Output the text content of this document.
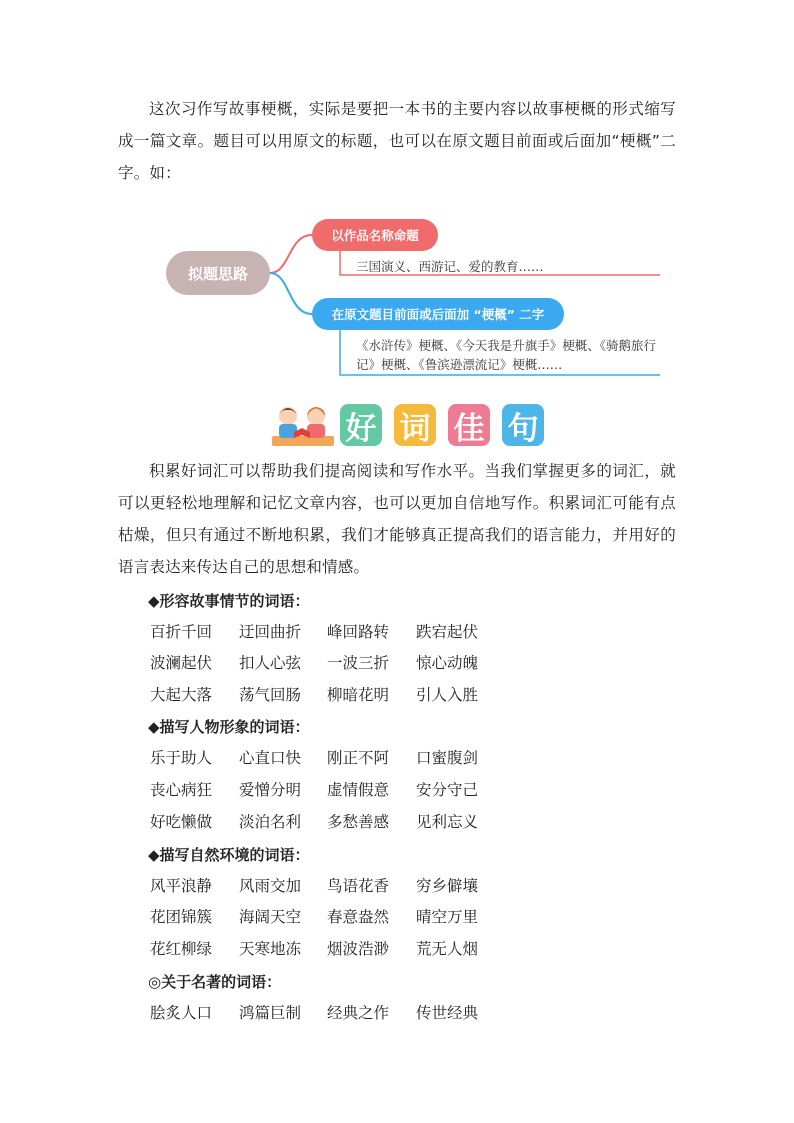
这次习作写故事梗概，实际是要把一本书的主要内容以故事梗概的形式缩写成一篇文章。题目可以用原文的标题，也可以在原文题目前面或后面加“梗概”二字。如：

拟题思路
以作品名称命题
三国演义、西游记、爱的教育……
在原文题目前面或后面加 “梗概” 二字
《水浒传》梗概、《今天我是升旗手》梗概、《骑鹅旅行记》梗概、《鲁滨逊漂流记》梗概……
好 词 佳 句

积累好词汇可以帮助我们提高阅读和写作水平。当我们掌握更多的词汇，就可以更轻松地理解和记忆文章内容，也可以更加自信地写作。积累词汇可能有点枯燥，但只有通过不断地积累，我们才能够真正提高我们的语言能力，并用好的语言表达来传达自己的思想和情感。

◆形容故事情节的词语：
百折千回 迂回曲折 峰回路转 跌宕起伏
波澜起伏 扣人心弦 一波三折 惊心动魄
大起大落 荡气回肠 柳暗花明 引人入胜
◆描写人物形象的词语：
乐于助人 心直口快 刚正不阿 口蜜腹剑
丧心病狂 爱憎分明 虚情假意 安分守己
好吃懒做 淡泊名利 多愁善感 见利忘义
◆描写自然环境的词语：
风平浪静 风雨交加 鸟语花香 穷乡僻壤
花团锦簇 海阔天空 春意盎然 晴空万里
花红柳绿 天寒地冻 烟波浩渺 荒无人烟
◎关于名著的词语：
脍炙人口 鸿篇巨制 经典之作 传世经典
